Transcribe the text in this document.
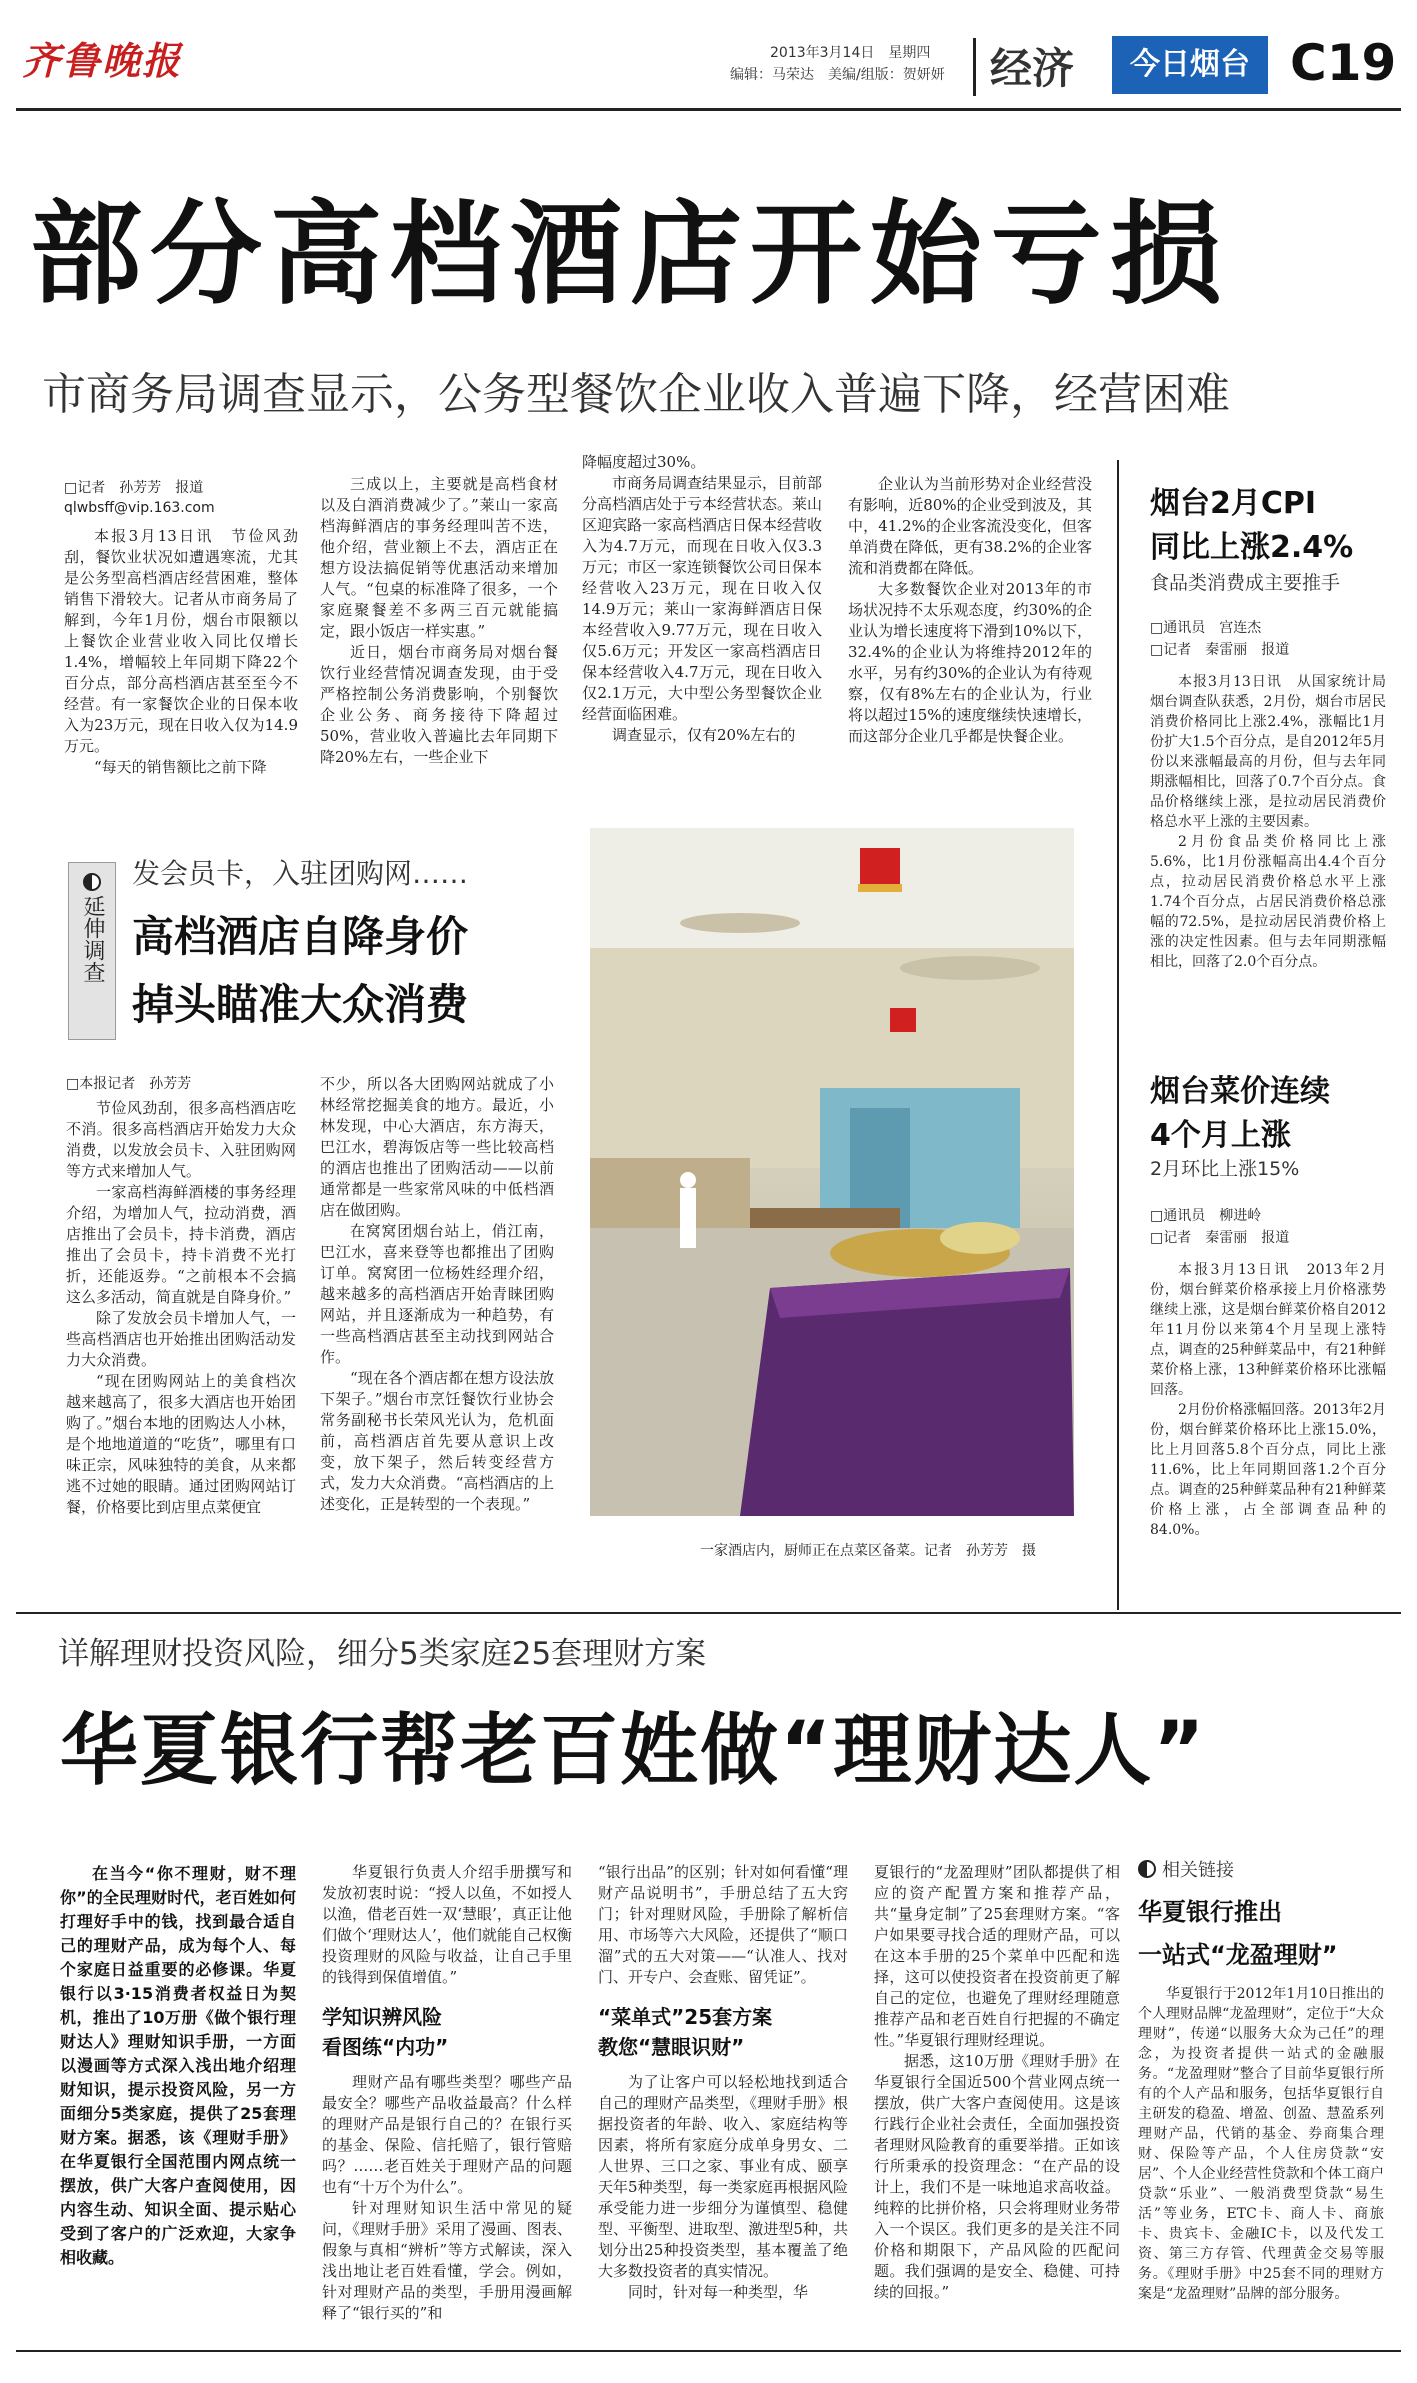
齐鲁晚报	2013年3月14日　星期四
编辑：马荣达　美编/组版：贺妍妍 经济	今日烟台 C19
部分高档酒店开始亏损
市商务局调查显示，公务型餐饮企业收入普遍下降，经营困难
□记者　孙芳芳　报道
qlwbsff@vip.163.com

本报3月13日讯　节俭风劲刮，餐饮业状况如遭遇寒流，尤其是公务型高档酒店经营困难，整体销售下滑较大。记者从市商务局了解到，今年1月份，烟台市限额以上餐饮企业营业收入同比仅增长1.4%，增幅较上年同期下降22个百分点，部分高档酒店甚至至今不经营。有一家餐饮企业的日保本收入为23万元，现在日收入仅为14.9万元。

“每天的销售额比之前下降

三成以上，主要就是高档食材以及白酒消费减少了。”莱山一家高档海鲜酒店的事务经理叫苦不迭，他介绍，营业额上不去，酒店正在想方设法搞促销等优惠活动来增加人气。“包桌的标准降了很多，一个家庭聚餐差不多两三百元就能搞定，跟小饭店一样实惠。”

近日，烟台市商务局对烟台餐饮行业经营情况调查发现，由于受严格控制公务消费影响，个别餐饮企业公务、商务接待下降超过50%，营业收入普遍比去年同期下降20%左右，一些企业下

降幅度超过30%。

市商务局调查结果显示，目前部分高档酒店处于亏本经营状态。莱山区迎宾路一家高档酒店日保本经营收入为4.7万元，而现在日收入仅3.3万元；市区一家连锁餐饮公司日保本经营收入23万元，现在日收入仅14.9万元；莱山一家海鲜酒店日保本经营收入9.77万元，现在日收入仅5.6万元；开发区一家高档酒店日保本经营收入4.7万元，现在日收入仅2.1万元，大中型公务型餐饮企业经营面临困难。

调查显示，仅有20%左右的

企业认为当前形势对企业经营没有影响，近80%的企业受到波及，其中，41.2%的企业客流没变化，但客单消费在降低，更有38.2%的企业客流和消费都在降低。

大多数餐饮企业对2013年的市场状况持不太乐观态度，约30%的企业认为增长速度将下滑到10%以下，32.4%的企业认为将维持2012年的水平，另有约30%的企业认为有待观察，仅有8%左右的企业认为，行业将以超过15%的速度继续快速增长，而这部分企业几乎都是快餐企业。

延伸调查
发会员卡，入驻团购网……
高档酒店自降身价
掉头瞄准大众消费
□本报记者　孙芳芳

节俭风劲刮，很多高档酒店吃不消。很多高档酒店开始发力大众消费，以发放会员卡、入驻团购网等方式来增加人气。

一家高档海鲜酒楼的事务经理介绍，为增加人气，拉动消费，酒店推出了会员卡，持卡消费，酒店推出了会员卡，持卡消费不光打折，还能返券。“之前根本不会搞这么多活动，简直就是自降身价。”

除了发放会员卡增加人气，一些高档酒店也开始推出团购活动发力大众消费。

“现在团购网站上的美食档次越来越高了，很多大酒店也开始团购了。”烟台本地的团购达人小林，是个地地道道的“吃货”，哪里有口味正宗，风味独特的美食，从来都逃不过她的眼睛。通过团购网站订餐，价格要比到店里点菜便宜

不少，所以各大团购网站就成了小林经常挖掘美食的地方。最近，小林发现，中心大酒店，东方海天，巴江水，碧海饭店等一些比较高档的酒店也推出了团购活动——以前通常都是一些家常风味的中低档酒店在做团购。

在窝窝团烟台站上，俏江南，巴江水，喜来登等也都推出了团购订单。窝窝团一位杨姓经理介绍，越来越多的高档酒店开始青睐团购网站，并且逐渐成为一种趋势，有一些高档酒店甚至主动找到网站合作。

“现在各个酒店都在想方设法放下架子。”烟台市烹饪餐饮行业协会常务副秘书长荣风光认为，危机面前，高档酒店首先要从意识上改变，放下架子，然后转变经营方式，发力大众消费。“高档酒店的上述变化，正是转型的一个表现。”

一家酒店内，厨师正在点菜区备菜。记者　孙芳芳　摄
烟台2月CPI
同比上涨2.4%
食品类消费成主要推手
□通讯员　宫连杰
□记者　秦雷丽　报道

本报3月13日讯　从国家统计局烟台调查队获悉，2月份，烟台市居民消费价格同比上涨2.4%，涨幅比1月份扩大1.5个百分点，是自2012年5月份以来涨幅最高的月份，但与去年同期涨幅相比，回落了0.7个百分点。食品价格继续上涨，是拉动居民消费价格总水平上涨的主要因素。

2月份食品类价格同比上涨5.6%，比1月份涨幅高出4.4个百分点，拉动居民消费价格总水平上涨1.74个百分点，占居民消费价格总涨幅的72.5%，是拉动居民消费价格上涨的决定性因素。但与去年同期涨幅相比，回落了2.0个百分点。

烟台菜价连续
4个月上涨
2月环比上涨15%
□通讯员　柳进岭
□记者　秦雷丽　报道

本报3月13日讯　2013年2月份，烟台鲜菜价格承接上月价格涨势继续上涨，这是烟台鲜菜价格自2012年11月份以来第4个月呈现上涨特点，调查的25种鲜菜品中，有21种鲜菜价格上涨，13种鲜菜价格环比涨幅回落。

2月份价格涨幅回落。2013年2月份，烟台鲜菜价格环比上涨15.0%，比上月回落5.8个百分点，同比上涨11.6%，比上年同期回落1.2个百分点。调查的25种鲜菜品种有21种鲜菜价格上涨，占全部调查品种的84.0%。

详解理财投资风险，细分5类家庭25套理财方案
华夏银行帮老百姓做“理财达人”

在当今“你不理财，财不理你”的全民理财时代，老百姓如何打理好手中的钱，找到最合适自己的理财产品，成为每个人、每个家庭日益重要的必修课。华夏银行以3·15消费者权益日为契机，推出了10万册《做个银行理财达人》理财知识手册，一方面以漫画等方式深入浅出地介绍理财知识，提示投资风险，另一方面细分5类家庭，提供了25套理财方案。据悉，该《理财手册》在华夏银行全国范围内网点统一摆放，供广大客户查阅使用，因内容生动、知识全面、提示贴心受到了客户的广泛欢迎，大家争相收藏。

华夏银行负责人介绍手册撰写和发放初衷时说：“授人以鱼，不如授人以渔，借老百姓一双‘慧眼’，真正让他们做个‘理财达人’，他们就能自己权衡投资理财的风险与收益，让自己手里的钱得到保值增值。”

学知识辨风险
看图练“内功”

理财产品有哪些类型？哪些产品最安全？哪些产品收益最高？什么样的理财产品是银行自己的？在银行买的基金、保险、信托赔了，银行管赔吗？……老百姓关于理财产品的问题也有“十万个为什么”。

针对理财知识生活中常见的疑问，《理财手册》采用了漫画、图表、假象与真相“辨析”等方式解读，深入浅出地让老百姓看懂，学会。例如，针对理财产品的类型，手册用漫画解释了“银行买的”和

“银行出品”的区别；针对如何看懂“理财产品说明书”，手册总结了五大窍门；针对理财风险，手册除了解析信用、市场等六大风险，还提供了“顺口溜”式的五大对策——“认准人、找对门、开专户、会查账、留凭证”。

“菜单式”25套方案
教您“慧眼识财”

为了让客户可以轻松地找到适合自己的理财产品类型，《理财手册》根据投资者的年龄、收入、家庭结构等因素，将所有家庭分成单身男女、二人世界、三口之家、事业有成、颐享天年5种类型，每一类家庭再根据风险承受能力进一步细分为谨慎型、稳健型、平衡型、进取型、激进型5种，共划分出25种投资类型，基本覆盖了绝大多数投资者的真实情况。

同时，针对每一种类型，华

夏银行的“龙盈理财”团队都提供了相应的资产配置方案和推荐产品，共“量身定制”了25套理财方案。“客户如果要寻找合适的理财产品，可以在这本手册的25个菜单中匹配和选择，这可以使投资者在投资前更了解自己的定位，也避免了理财经理随意推荐产品和老百姓自行把握的不确定性。”华夏银行理财经理说。

据悉，这10万册《理财手册》在华夏银行全国近500个营业网点统一摆放，供广大客户查阅使用。这是该行践行企业社会责任，全面加强投资者理财风险教育的重要举措。正如该行所秉承的投资理念：“在产品的设计上，我们不是一味地追求高收益。纯粹的比拼价格，只会将理财业务带入一个误区。我们更多的是关注不同价格和期限下，产品风险的匹配问题。我们强调的是安全、稳健、可持续的回报。”

相关链接
华夏银行推出
一站式“龙盈理财”

华夏银行于2012年1月10日推出的个人理财品牌“龙盈理财”，定位于“大众理财”，传递“以服务大众为己任”的理念，为投资者提供一站式的金融服务。“龙盈理财”整合了目前华夏银行所有的个人产品和服务，包括华夏银行自主研发的稳盈、增盈、创盈、慧盈系列理财产品，代销的基金、券商集合理财、保险等产品，个人住房贷款“安居”、个人企业经营性贷款和个体工商户贷款“乐业”、一般消费型贷款“易生活”等业务，ETC卡、商人卡、商旅卡、贵宾卡、金融IC卡，以及代发工资、第三方存管、代理黄金交易等服务。《理财手册》中25套不同的理财方案是“龙盈理财”品牌的部分服务。
